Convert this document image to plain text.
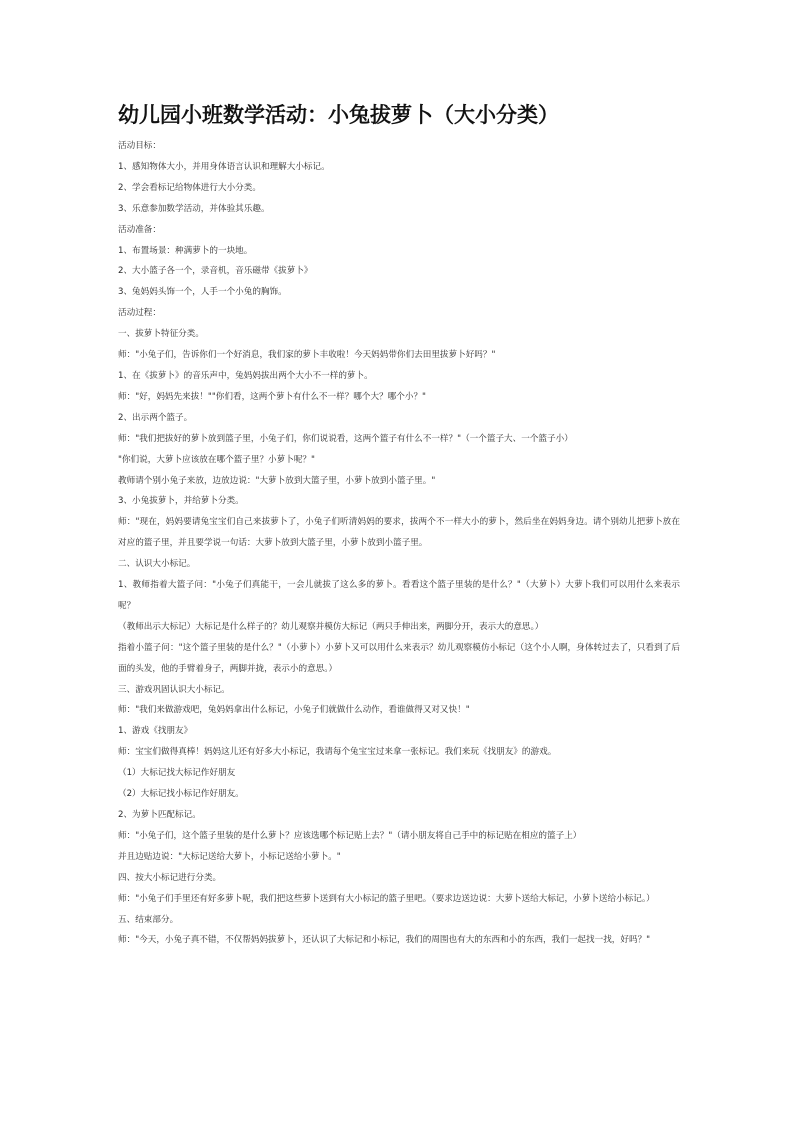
幼儿园小班数学活动：小兔拔萝卜（大小分类）
活动目标：
1、感知物体大小，并用身体语言认识和理解大小标记。
2、学会看标记给物体进行大小分类。
3、乐意参加数学活动，并体验其乐趣。
活动准备：
1、布置场景：种满萝卜的一块地。
2、大小篮子各一个，录音机，音乐磁带《拔萝卜》
3、兔妈妈头饰一个，人手一个小兔的胸饰。
活动过程：
一、拔萝卜特征分类。
师："小兔子们，告诉你们一个好消息，我们家的萝卜丰收啦！今天妈妈带你们去田里拔萝卜好吗？"
1、在《拔萝卜》的音乐声中，兔妈妈拔出两个大小不一样的萝卜。
师："好，妈妈先来拔！""你们看，这两个萝卜有什么不一样？哪个大？哪个小？"
2、出示两个篮子。
师："我们把拔好的萝卜放到篮子里，小兔子们，你们说说看，这两个篮子有什么不一样？"（一个篮子大、一个篮子小）
"你们说，大萝卜应该放在哪个篮子里？小萝卜呢？"
教师请个别小兔子来放，边放边说："大萝卜放到大篮子里，小萝卜放到小篮子里。"
3、小兔拔萝卜，并给萝卜分类。
师："现在，妈妈要请兔宝宝们自己来拔萝卜了，小兔子们听清妈妈的要求，拔两个不一样大小的萝卜，然后坐在妈妈身边。请个别幼儿把萝卜放在对应的篮子里，并且要学说一句话：大萝卜放到大篮子里，小萝卜放到小篮子里。
二、认识大小标记。
1、教师指着大篮子问："小兔子们真能干，一会儿就拔了这么多的萝卜。看看这个篮子里装的是什么？"（大萝卜）大萝卜我们可以用什么来表示呢？
（教师出示大标记）大标记是什么样子的？幼儿观察并模仿大标记（两只手伸出来，两脚分开，表示大的意思。）
指着小篮子问："这个篮子里装的是什么？"（小萝卜）小萝卜又可以用什么来表示？幼儿观察模仿小标记（这个小人啊，身体转过去了，只看到了后面的头发，他的手臂着身子，两脚并拢，表示小的意思。）
三、游戏巩固认识大小标记。
师："我们来做游戏吧，兔妈妈拿出什么标记，小兔子们就做什么动作，看谁做得又对又快！"
1、游戏《找朋友》
师：宝宝们做得真棒！妈妈这儿还有好多大小标记，我请每个兔宝宝过来拿一张标记。我们来玩《找朋友》的游戏。
（1）大标记找大标记作好朋友
（2）大标记找小标记作好朋友。
2、为萝卜匹配标记。
师："小兔子们，这个篮子里装的是什么萝卜？应该选哪个标记贴上去？"（请小朋友将自己手中的标记贴在相应的篮子上）
并且边贴边说："大标记送给大萝卜，小标记送给小萝卜。"
四、按大小标记进行分类。
师："小兔子们手里还有好多萝卜呢，我们把这些萝卜送到有大小标记的篮子里吧。（要求边送边说：大萝卜送给大标记，小萝卜送给小标记。）
五、结束部分。
师："今天，小兔子真不错，不仅帮妈妈拔萝卜，还认识了大标记和小标记，我们的周围也有大的东西和小的东西，我们一起找一找，好吗？"
